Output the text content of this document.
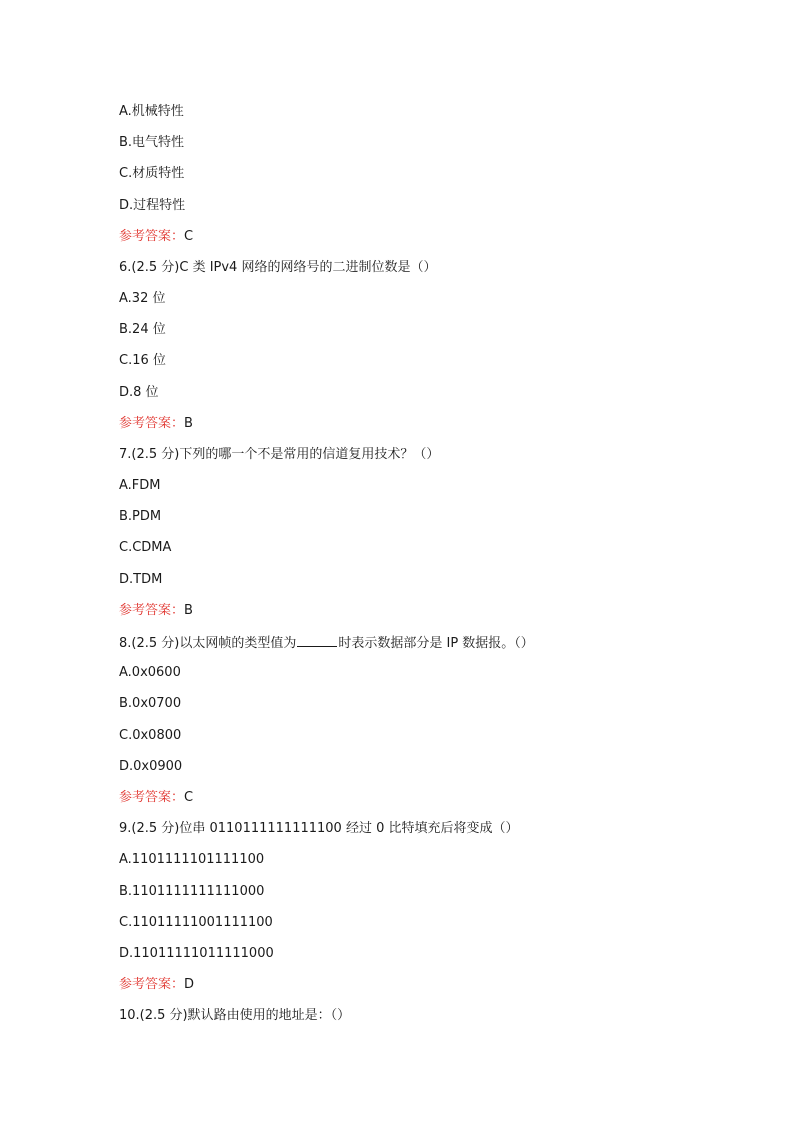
A.机械特性
B.电气特性
C.材质特性
D.过程特性
参考答案：C
6.(2.5 分)C 类 IPv4 网络的网络号的二进制位数是（）
A.32 位
B.24 位
C.16 位
D.8 位
参考答案：B
7.(2.5 分)下列的哪一个不是常用的信道复用技术？（）
A.FDM
B.PDM
C.CDMA
D.TDM
参考答案：B
8.(2.5 分)以太网帧的类型值为	时表示数据部分是 IP 数据报。（）
A.0x0600
B.0x0700
C.0x0800
D.0x0900
参考答案：C
9.(2.5 分)位串 0110111111111100 经过 0 比特填充后将变成（）
A.1101111101111100
B.1101111111111000
C.11011111001111100
D.11011111011111000
参考答案：D
10.(2.5 分)默认路由使用的地址是：（）
